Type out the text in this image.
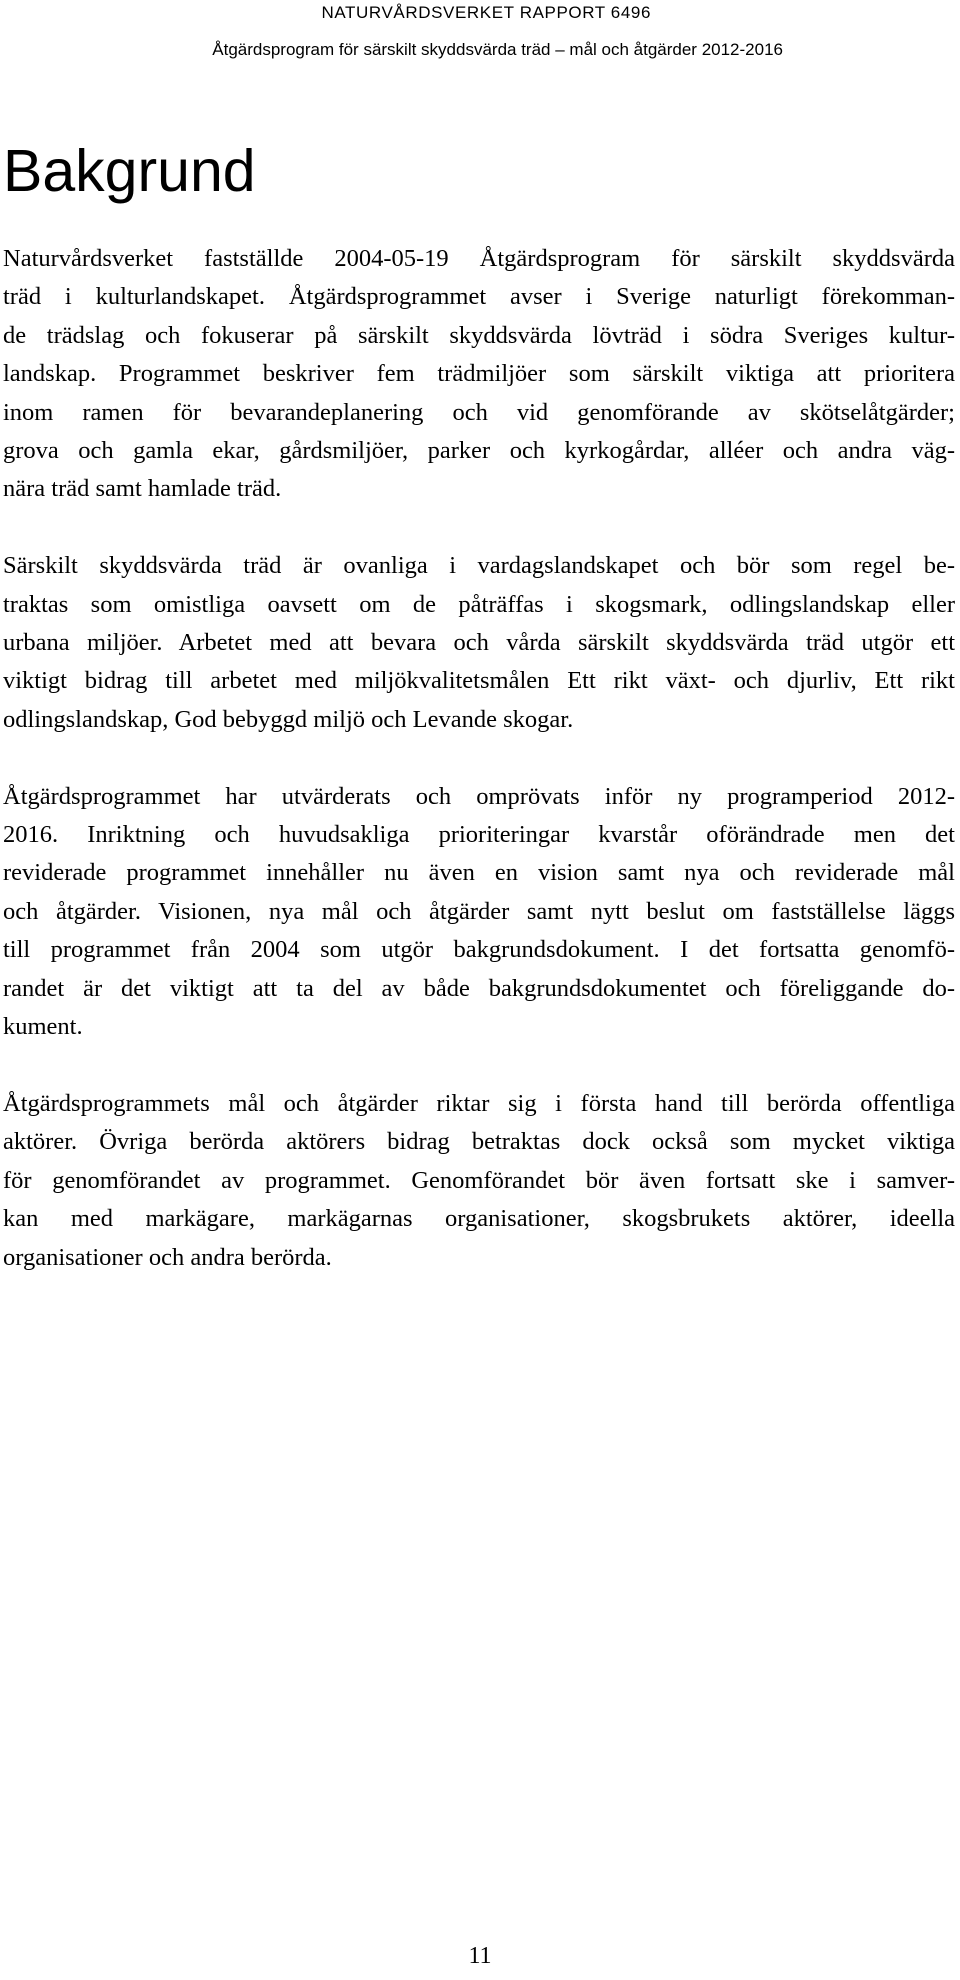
NATURVÅRDSVERKET RAPPORT 6496
Åtgärdsprogram för särskilt skyddsvärda träd – mål och åtgärder 2012-2016
Bakgrund
Naturvårdsverket fastställde 2004-05-19 Åtgärdsprogram för särskilt skyddsvärda
träd i kulturlandskapet. Åtgärdsprogrammet avser i Sverige naturligt förekomman-
de trädslag och fokuserar på särskilt skyddsvärda lövträd i södra Sveriges kultur-
landskap. Programmet beskriver fem trädmiljöer som särskilt viktiga att prioritera
inom ramen för bevarandeplanering och vid genomförande av skötselåtgärder;
grova och gamla ekar, gårdsmiljöer, parker och kyrkogårdar, alléer och andra väg-
nära träd samt hamlade träd.
Särskilt skyddsvärda träd är ovanliga i vardagslandskapet och bör som regel be-
traktas som omistliga oavsett om de påträffas i skogsmark, odlingslandskap eller
urbana miljöer. Arbetet med att bevara och vårda särskilt skyddsvärda träd utgör ett
viktigt bidrag till arbetet med miljökvalitetsmålen Ett rikt växt- och djurliv, Ett rikt
odlingslandskap, God bebyggd miljö och Levande skogar.
Åtgärdsprogrammet har utvärderats och omprövats inför ny programperiod 2012-
2016. Inriktning och huvudsakliga prioriteringar kvarstår oförändrade men det
reviderade programmet innehåller nu även en vision samt nya och reviderade mål
och åtgärder. Visionen, nya mål och åtgärder samt nytt beslut om fastställelse läggs
till programmet från 2004 som utgör bakgrundsdokument. I det fortsatta genomfö-
randet är det viktigt att ta del av både bakgrundsdokumentet och föreliggande do-
kument.
Åtgärdsprogrammets mål och åtgärder riktar sig i första hand till berörda offentliga
aktörer. Övriga berörda aktörers bidrag betraktas dock också som mycket viktiga
för genomförandet av programmet. Genomförandet bör även fortsatt ske i samver-
kan med markägare, markägarnas organisationer, skogsbrukets aktörer, ideella
organisationer och andra berörda.
11
